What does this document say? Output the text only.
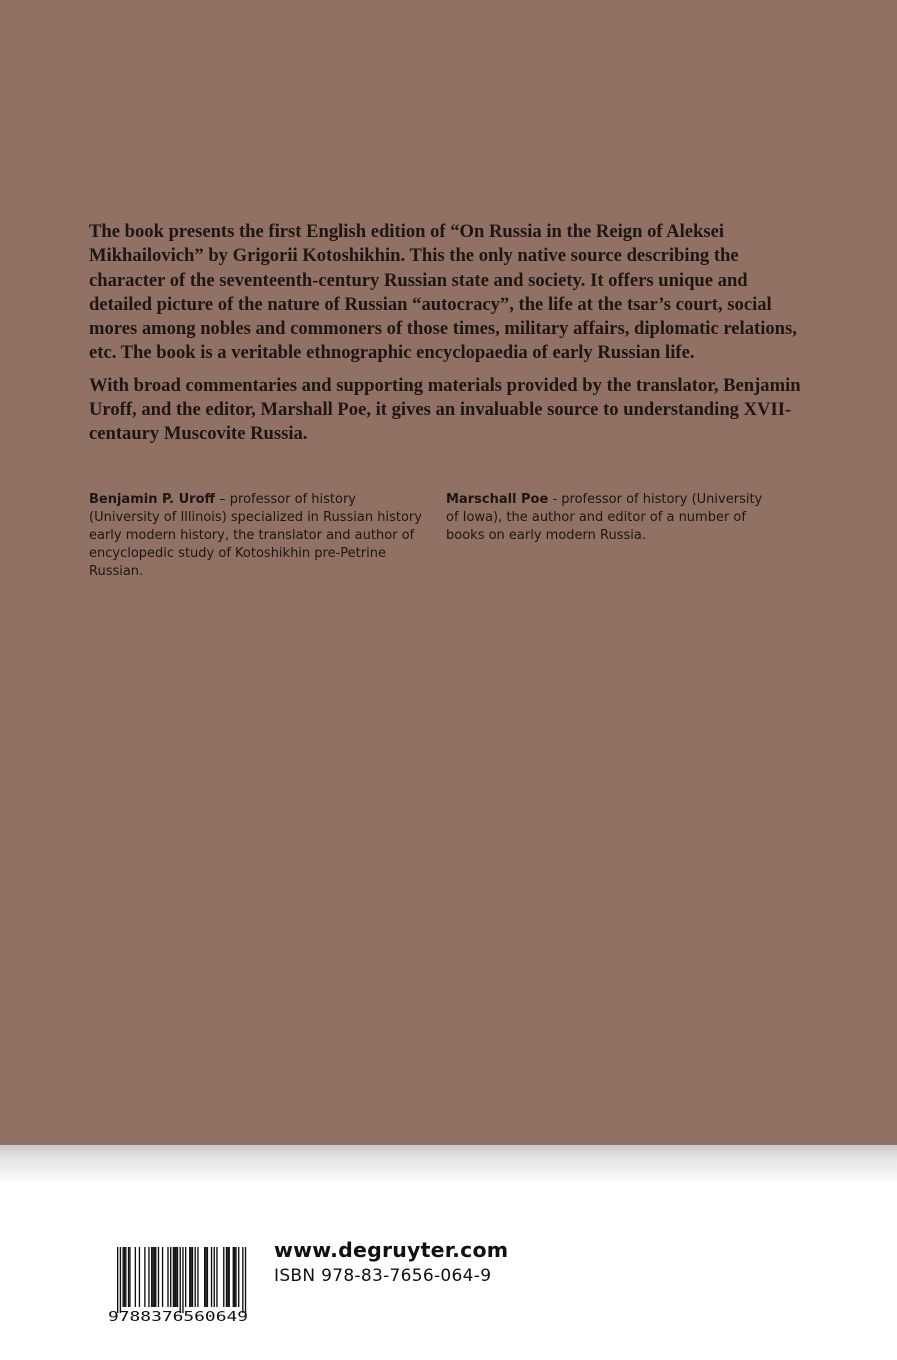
The book presents the first English edition of “On Russia in the Reign of Aleksei Mikhailovich” by Grigorii Kotoshikhin. This the only native source describing the character of the seventeenth-century Russian state and society. It offers unique and detailed picture of the nature of Russian “autocracy”, the life at the tsar’s court, social mores among nobles and commoners of those times, military affairs, diplomatic relations, etc. The book is a veritable ethnographic encyclopaedia of early Russian life.

With broad commentaries and supporting materials provided by the translator, Benjamin Uroff, and the editor, Marshall Poe, it gives an invaluable source to understanding XVII-centaury Muscovite Russia.

Benjamin P. Uroff – professor of history (University of Illinois) specialized in Russian history early modern history, the translator and author of encyclopedic study of Kotoshikhin pre-Petrine Russian.
Marschall Poe - professor of history (University of Iowa), the author and editor of a number of books on early modern Russia.
9788376560649
www.degruyter.com
ISBN 978-83-7656-064-9
